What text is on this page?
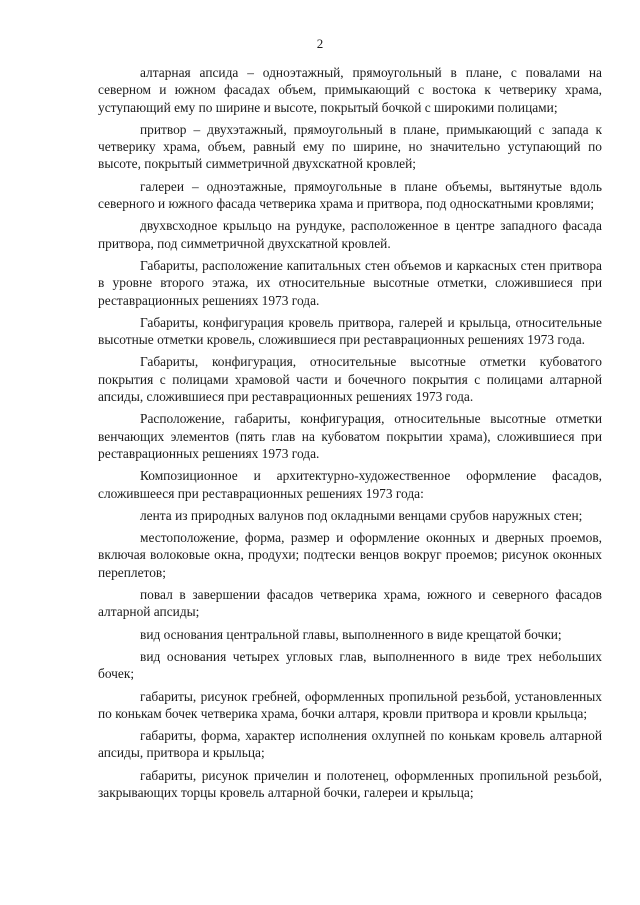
2

алтарная апсида – одноэтажный, прямоугольный в плане, с повалами на северном и южном фасадах объем, примыкающий с востока к четверику храма, уступающий ему по ширине и высоте, покрытый бочкой с широкими полицами;

притвор – двухэтажный, прямоугольный в плане, примыкающий с запада к четверику храма, объем, равный ему по ширине, но значительно уступающий по высоте, покрытый симметричной двухскатной кровлей;

галереи – одноэтажные, прямоугольные в плане объемы, вытянутые вдоль северного и южного фасада четверика храма и притвора, под односкатными кровлями;

двухвсходное крыльцо на рундуке, расположенное в центре западного фасада притвора, под симметричной двухскатной кровлей.

Габариты, расположение капитальных стен объемов и каркасных стен притвора в уровне второго этажа, их относительные высотные отметки, сложившиеся при реставрационных решениях 1973 года.

Габариты, конфигурация кровель притвора, галерей и крыльца, относительные высотные отметки кровель, сложившиеся при реставрационных решениях 1973 года.

Габариты, конфигурация, относительные высотные отметки кубоватого покрытия с полицами храмовой части и бочечного покрытия с полицами алтарной апсиды, сложившиеся при реставрационных решениях 1973 года.

Расположение, габариты, конфигурация, относительные высотные отметки венчающих элементов (пять глав на кубоватом покрытии храма), сложившиеся при реставрационных решениях 1973 года.

Композиционное и архитектурно-художественное оформление фасадов, сложившееся при реставрационных решениях 1973 года:

лента из природных валунов под окладными венцами срубов наружных стен;

местоположение, форма, размер и оформление оконных и дверных проемов, включая волоковые окна, продухи; подтески венцов вокруг проемов; рисунок оконных переплетов;

повал в завершении фасадов четверика храма, южного и северного фасадов алтарной апсиды;

вид основания центральной главы, выполненного в виде крещатой бочки;

вид основания четырех угловых глав, выполненного в виде трех небольших бочек;

габариты, рисунок гребней, оформленных пропильной резьбой, установленных по конькам бочек четверика храма, бочки алтаря, кровли притвора и кровли крыльца;

габариты, форма, характер исполнения охлупней по конькам кровель алтарной апсиды, притвора и крыльца;

габариты, рисунок причелин и полотенец, оформленных пропильной резьбой, закрывающих торцы кровель алтарной бочки, галереи и крыльца;
